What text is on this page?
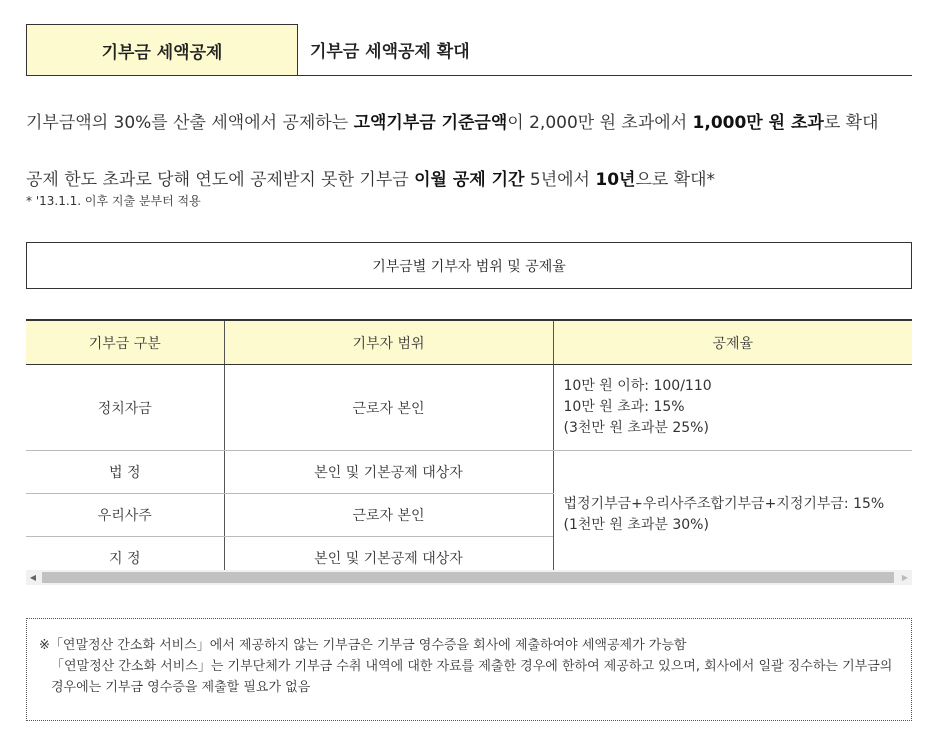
기부금 세액공제	기부금 세액공제 확대
기부금액의 30%를 산출 세액에서 공제하는 고액기부금 기준금액이 2,000만 원 초과에서 1,000만 원 초과로 확대
공제 한도 초과로 당해 연도에 공제받지 못한 기부금 이월 공제 기간 5년에서 10년으로 확대*
* '13.1.1. 이후 지출 분부터 적용
기부금별 기부자 범위 및 공제율
기부금 구분	기부자 범위	공제율
정치자금	근로자 본인	10만 원 이하: 100/110
10만 원 초과: 15%
(3천만 원 초과분 25%)

법 정	본인 및 기본공제 대상자	법정기부금+우리사주조합기부금+지정기부금: 15%
(1천만 원 초과분 30%)

우리사주	근로자 본인	
지 정	본인 및 기본공제 대상자	
◀	▶

※「연말정산 간소화 서비스」에서 제공하지 않는 기부금은 기부금 영수증을 회사에 제출하여야 세액공제가 가능함

「연말정산 간소화 서비스」는 기부단체가 기부금 수취 내역에 대한 자료를 제출한 경우에 한하여 제공하고 있으며, 회사에서 일괄 징수하는 기부금의 경우에는 기부금 영수증을 제출할 필요가 없음
